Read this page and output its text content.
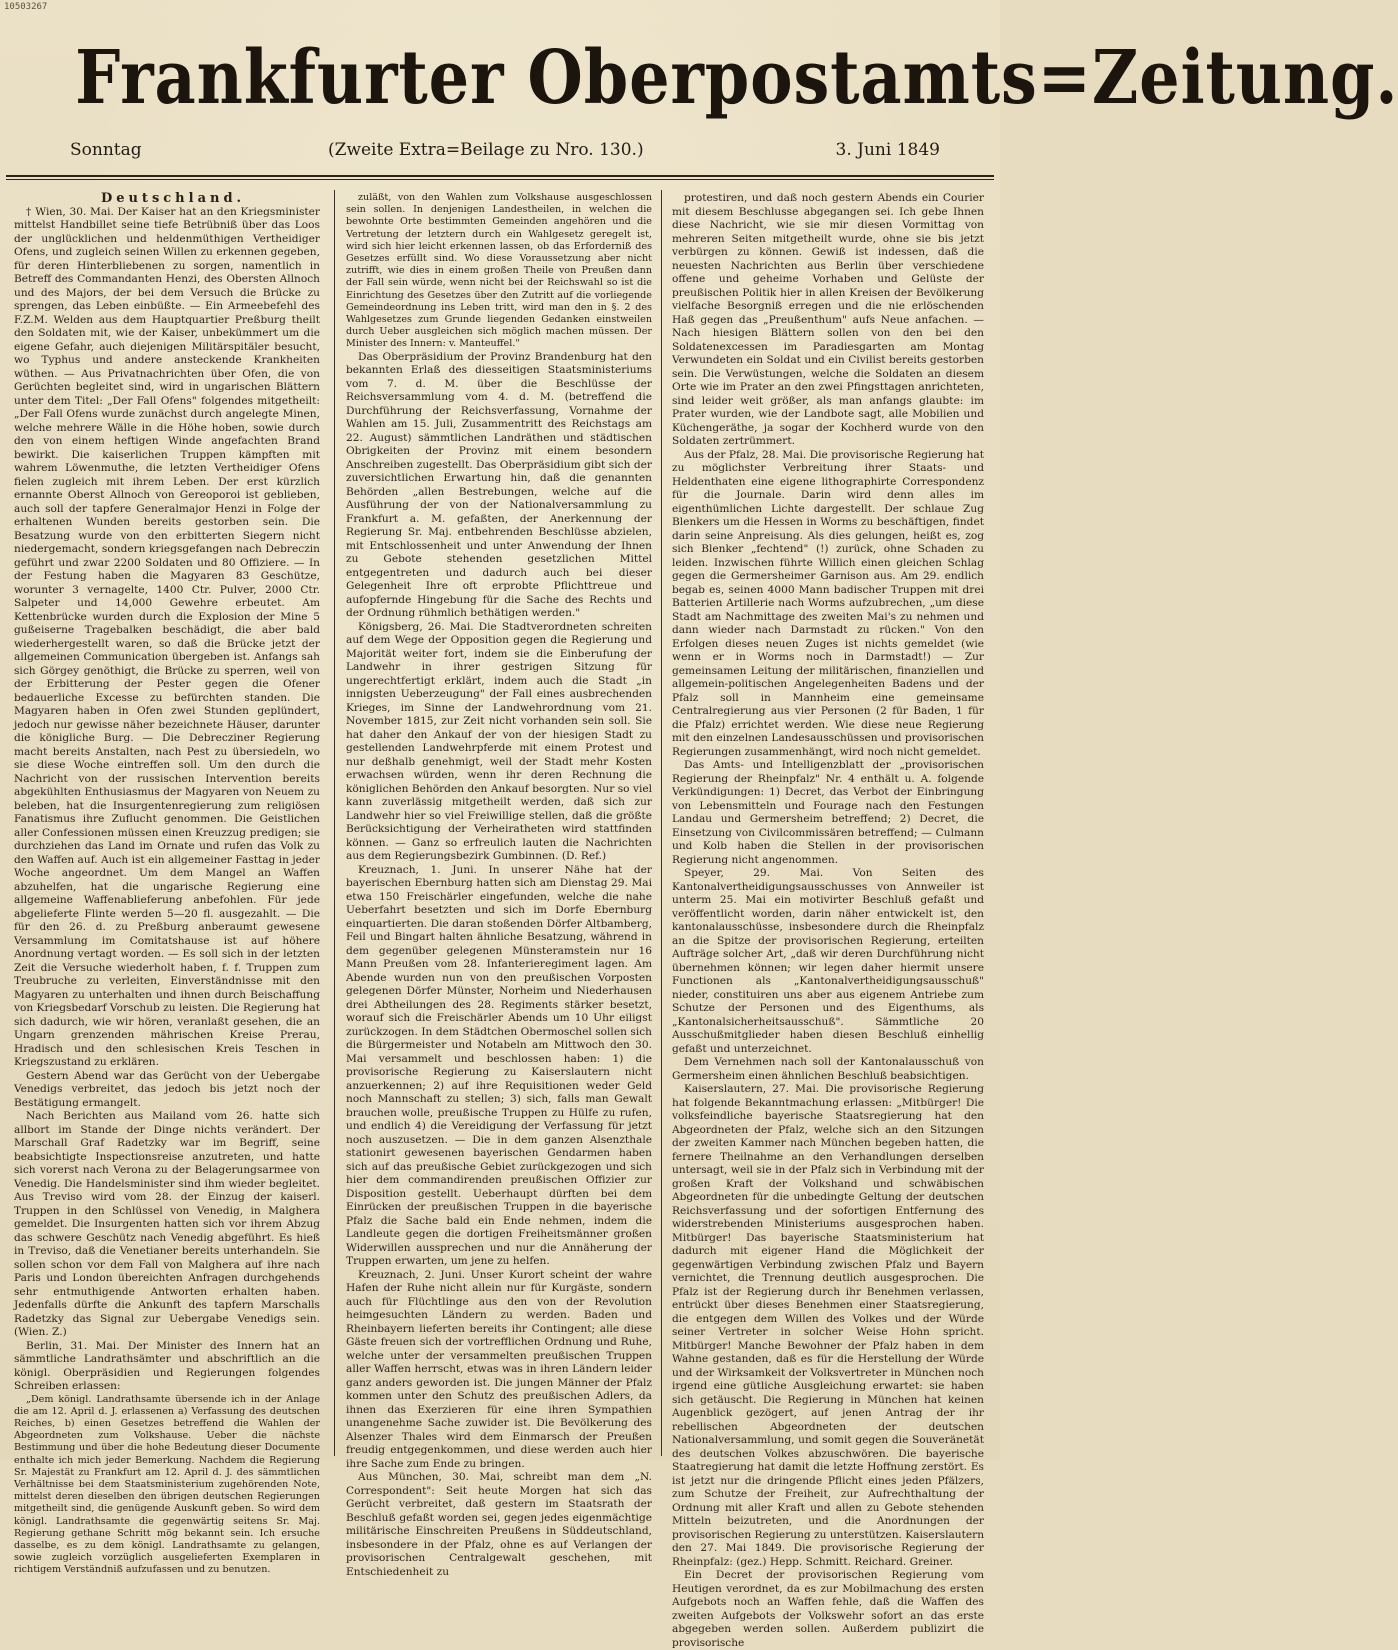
10503267
Frankfurter Oberpostamts=Zeitung.
Sonntag	(Zweite Extra=Beilage zu Nro. 130.)	3. Juni 1849

Deutschland.

† Wien, 30. Mai. Der Kaiser hat an den Kriegsminister mittelst Handbillet seine tiefe Betrübniß über das Loos der unglücklichen und heldenmüthigen Vertheidiger Ofens, und zugleich seinen Willen zu erkennen gegeben, für deren Hinterbliebenen zu sorgen, namentlich in Betreff des Commandanten Henzi, des Obersten Allnoch und des Majors, der bei dem Versuch die Brücke zu sprengen, das Leben einbüßte. — Ein Armeebefehl des F.Z.M. Welden aus dem Hauptquartier Preßburg theilt den Soldaten mit, wie der Kaiser, unbekümmert um die eigene Gefahr, auch diejenigen Militärspitäler besucht, wo Typhus und andere ansteckende Krankheiten wüthen. — Aus Privatnachrichten über Ofen, die von Gerüchten begleitet sind, wird in ungarischen Blättern unter dem Titel: „Der Fall Ofens" folgendes mitgetheilt: „Der Fall Ofens wurde zunächst durch angelegte Minen, welche mehrere Wälle in die Höhe hoben, sowie durch den von einem heftigen Winde angefachten Brand bewirkt. Die kaiserlichen Truppen kämpften mit wahrem Löwenmuthe, die letzten Vertheidiger Ofens fielen zugleich mit ihrem Leben. Der erst kürzlich ernannte Oberst Allnoch von Gereoporoi ist geblieben, auch soll der tapfere Generalmajor Henzi in Folge der erhaltenen Wunden bereits gestorben sein. Die Besatzung wurde von den erbitterten Siegern nicht niedergemacht, sondern kriegsgefangen nach Debreczin geführt und zwar 2200 Soldaten und 80 Offiziere. — In der Festung haben die Magyaren 83 Geschütze, worunter 3 vernagelte, 1400 Ctr. Pulver, 2000 Ctr. Salpeter und 14,000 Gewehre erbeutet. Am Kettenbrücke wurden durch die Explosion der Mine 5 gußeiserne Tragebalken beschädigt, die aber bald wiederhergestellt waren, so daß die Brücke jetzt der allgemeinen Communication übergeben ist. Anfangs sah sich Görgey genöthigt, die Brücke zu sperren, weil von der Erbitterung der Pester gegen die Ofener bedauerliche Excesse zu befürchten standen. Die Magyaren haben in Ofen zwei Stunden geplündert, jedoch nur gewisse näher bezeichnete Häuser, darunter die königliche Burg. — Die Debrecziner Regierung macht bereits Anstalten, nach Pest zu übersiedeln, wo sie diese Woche eintreffen soll. Um den durch die Nachricht von der russischen Intervention bereits abgekühlten Enthusiasmus der Magyaren von Neuem zu beleben, hat die Insurgentenregierung zum religiösen Fanatismus ihre Zuflucht genommen. Die Geistlichen aller Confessionen müssen einen Kreuzzug predigen; sie durchziehen das Land im Ornate und rufen das Volk zu den Waffen auf. Auch ist ein allgemeiner Fasttag in jeder Woche angeordnet. Um dem Mangel an Waffen abzuhelfen, hat die ungarische Regierung eine allgemeine Waffenablieferung anbefohlen. Für jede abgelieferte Flinte werden 5—20 fl. ausgezahlt. — Die für den 26. d. zu Preßburg anberaumt gewesene Versammlung im Comitatshause ist auf höhere Anordnung vertagt worden. — Es soll sich in der letzten Zeit die Versuche wiederholt haben, f. f. Truppen zum Treubruche zu verleiten, Einverständnisse mit den Magyaren zu unterhalten und ihnen durch Beischaffung von Kriegsbedarf Vorschub zu leisten. Die Regierung hat sich dadurch, wie wir hören, veranlaßt gesehen, die an Ungarn grenzenden mährischen Kreise Prerau, Hradisch und den schlesischen Kreis Teschen in Kriegszustand zu erklären.

Gestern Abend war das Gerücht von der Uebergabe Venedigs verbreitet, das jedoch bis jetzt noch der Bestätigung ermangelt.

Nach Berichten aus Mailand vom 26. hatte sich allbort im Stande der Dinge nichts verändert. Der Marschall Graf Radetzky war im Begriff, seine beabsichtigte Inspectionsreise anzutreten, und hatte sich vorerst nach Verona zu der Belagerungsarmee von Venedig. Die Handelsminister sind ihm wieder begleitet. Aus Treviso wird vom 28. der Einzug der kaiserl. Truppen in den Schlüssel von Venedig, in Malghera gemeldet. Die Insurgenten hatten sich vor ihrem Abzug das schwere Geschütz nach Venedig abgeführt. Es hieß in Treviso, daß die Venetianer bereits unterhandeln. Sie sollen schon vor dem Fall von Malghera auf ihre nach Paris und London übereichten Anfragen durchgehends sehr entmuthigende Antworten erhalten haben. Jedenfalls dürfte die Ankunft des tapfern Marschalls Radetzky das Signal zur Uebergabe Venedigs sein. (Wien. Z.)

Berlin, 31. Mai. Der Minister des Innern hat an sämmtliche Landrathsämter und abschriftlich an die königl. Oberpräsidien und Regierungen folgendes Schreiben erlassen:

„Dem königl. Landrathsamte übersende ich in der Anlage die am 12. April d. J. erlassenen a) Verfassung des deutschen Reiches, b) einen Gesetzes betreffend die Wahlen der Abgeordneten zum Volkshause. Ueber die nächste Bestimmung und über die hohe Bedeutung dieser Documente enthalte ich mich jeder Bemerkung. Nachdem die Regierung Sr. Majestät zu Frankfurt am 12. April d. J. des sämmtlichen Verhältnisse bei dem Staatsministerium zugehörenden Note, mittelst deren dieselben den übrigen deutschen Regierungen mitgetheilt sind, die genügende Auskunft geben. So wird dem königl. Landrathsamte die gegenwärtig seitens Sr. Maj. Regierung gethane Schritt mög bekannt sein. Ich ersuche dasselbe, es zu dem königl. Landrathsamte zu gelangen, sowie zugleich vorzüglich ausgelieferten Exemplaren in richtigem Verständniß aufzufassen und zu benutzen.

zuläßt, von den Wahlen zum Volkshause ausgeschlossen sein sollen. In denjenigen Landestheilen, in welchen die bewohnte Orte bestimmten Gemeinden angehören und die Vertretung der letztern durch ein Wahlgesetz geregelt ist, wird sich hier leicht erkennen lassen, ob das Erforderniß des Gesetzes erfüllt sind. Wo diese Voraussetzung aber nicht zutrifft, wie dies in einem großen Theile von Preußen dann der Fall sein würde, wenn nicht bei der Reichswahl so ist die Einrichtung des Gesetzes über den Zutritt auf die vorliegende Gemeindeordnung ins Leben tritt, wird man den in §. 2 des Wahlgesetzes zum Grunde liegenden Gedanken einstweilen durch Ueber ausgleichen sich möglich machen müssen. Der Minister des Innern: v. Manteuffel."

Das Oberpräsidium der Provinz Brandenburg hat den bekannten Erlaß des diesseitigen Staatsministeriums vom 7. d. M. über die Beschlüsse der Reichsversammlung vom 4. d. M. (betreffend die Durchführung der Reichsverfassung, Vornahme der Wahlen am 15. Juli, Zusammentritt des Reichstags am 22. August) sämmtlichen Landräthen und städtischen Obrigkeiten der Provinz mit einem besondern Anschreiben zugestellt. Das Oberpräsidium gibt sich der zuversichtlichen Erwartung hin, daß die genannten Behörden „allen Bestrebungen, welche auf die Ausführung der von der Nationalversammlung zu Frankfurt a. M. gefaßten, der Anerkennung der Regierung Sr. Maj. entbehrenden Beschlüsse abzielen, mit Entschlossenheit und unter Anwendung der Ihnen zu Gebote stehenden gesetzlichen Mittel entgegentreten und dadurch auch bei dieser Gelegenheit Ihre oft erprobte Pflichttreue und aufopfernde Hingebung für die Sache des Rechts und der Ordnung rühmlich bethätigen werden."

Königsberg, 26. Mai. Die Stadtverordneten schreiten auf dem Wege der Opposition gegen die Regierung und Majorität weiter fort, indem sie die Einberufung der Landwehr in ihrer gestrigen Sitzung für ungerechtfertigt erklärt, indem auch die Stadt „in innigsten Ueberzeugung" der Fall eines ausbrechenden Krieges, im Sinne der Landwehrordnung vom 21. November 1815, zur Zeit nicht vorhanden sein soll. Sie hat daher den Ankauf der von der hiesigen Stadt zu gestellenden Landwehrpferde mit einem Protest und nur deßhalb genehmigt, weil der Stadt mehr Kosten erwachsen würden, wenn ihr deren Rechnung die königlichen Behörden den Ankauf besorgten. Nur so viel kann zuverlässig mitgetheilt werden, daß sich zur Landwehr hier so viel Freiwillige stellen, daß die größte Berücksichtigung der Verheiratheten wird stattfinden können. — Ganz so erfreulich lauten die Nachrichten aus dem Regierungsbezirk Gumbinnen. (D. Ref.)

Kreuznach, 1. Juni. In unserer Nähe hat der bayerischen Ebernburg hatten sich am Dienstag 29. Mai etwa 150 Freischärler eingefunden, welche die nahe Ueberfahrt besetzten und sich im Dorfe Ebernburg einquartierten. Die daran stoßenden Dörfer Altbamberg, Feil und Bingart halten ähnliche Besatzung, während in dem gegenüber gelegenen Münsteramstein nur 16 Mann Preußen vom 28. Infanterieregiment lagen. Am Abende wurden nun von den preußischen Vorposten gelegenen Dörfer Münster, Norheim und Niederhausen drei Abtheilungen des 28. Regiments stärker besetzt, worauf sich die Freischärler Abends um 10 Uhr eiligst zurückzogen. In dem Städtchen Obermoschel sollen sich die Bürgermeister und Notabeln am Mittwoch den 30. Mai versammelt und beschlossen haben: 1) die provisorische Regierung zu Kaiserslautern nicht anzuerkennen; 2) auf ihre Requisitionen weder Geld noch Mannschaft zu stellen; 3) sich, falls man Gewalt brauchen wolle, preußische Truppen zu Hülfe zu rufen, und endlich 4) die Vereidigung der Verfassung für jetzt noch auszusetzen. — Die in dem ganzen Alsenzthale stationirt gewesenen bayerischen Gendarmen haben sich auf das preußische Gebiet zurückgezogen und sich hier dem commandirenden preußischen Offizier zur Disposition gestellt. Ueberhaupt dürften bei dem Einrücken der preußischen Truppen in die bayerische Pfalz die Sache bald ein Ende nehmen, indem die Landleute gegen die dortigen Freiheitsmänner großen Widerwillen aussprechen und nur die Annäherung der Truppen erwarten, um jene zu helfen.

Kreuznach, 2. Juni. Unser Kurort scheint der wahre Hafen der Ruhe nicht allein nur für Kurgäste, sondern auch für Flüchtlinge aus den von der Revolution heimgesuchten Ländern zu werden. Baden und Rheinbayern lieferten bereits ihr Contingent; alle diese Gäste freuen sich der vortrefflichen Ordnung und Ruhe, welche unter der versammelten preußischen Truppen aller Waffen herrscht, etwas was in ihren Ländern leider ganz anders geworden ist. Die jungen Männer der Pfalz kommen unter den Schutz des preußischen Adlers, da ihnen das Exerzieren für eine ihren Sympathien unangenehme Sache zuwider ist. Die Bevölkerung des Alsenzer Thales wird dem Einmarsch der Preußen freudig entgegenkommen, und diese werden auch hier ihre Sache zum Ende zu bringen.

Aus München, 30. Mai, schreibt man dem „N. Correspondent": Seit heute Morgen hat sich das Gerücht verbreitet, daß gestern im Staatsrath der Beschluß gefaßt worden sei, gegen jedes eigenmächtige militärische Einschreiten Preußens in Süddeutschland, insbesondere in der Pfalz, ohne es auf Verlangen der provisorischen Centralgewalt geschehen, mit Entschiedenheit zu

protestiren, und daß noch gestern Abends ein Courier mit diesem Beschlusse abgegangen sei. Ich gebe Ihnen diese Nachricht, wie sie mir diesen Vormittag von mehreren Seiten mitgetheilt wurde, ohne sie bis jetzt verbürgen zu können. Gewiß ist indessen, daß die neuesten Nachrichten aus Berlin über verschiedene offene und geheime Vorhaben und Gelüste der preußischen Politik hier in allen Kreisen der Bevölkerung vielfache Besorgniß erregen und die nie erlöschenden Haß gegen das „Preußenthum" aufs Neue anfachen. — Nach hiesigen Blättern sollen von den bei den Soldatenexcessen im Paradiesgarten am Montag Verwundeten ein Soldat und ein Civilist bereits gestorben sein. Die Verwüstungen, welche die Soldaten an diesem Orte wie im Prater an den zwei Pfingsttagen anrichteten, sind leider weit größer, als man anfangs glaubte: im Prater wurden, wie der Landbote sagt, alle Mobilien und Küchengeräthe, ja sogar der Kochherd wurde von den Soldaten zertrümmert.

Aus der Pfalz, 28. Mai. Die provisorische Regierung hat zu möglichster Verbreitung ihrer Staats- und Heldenthaten eine eigene lithographirte Correspondenz für die Journale. Darin wird denn alles im eigenthümlichen Lichte dargestellt. Der schlaue Zug Blenkers um die Hessen in Worms zu beschäftigen, findet darin seine Anpreisung. Als dies gelungen, heißt es, zog sich Blenker „fechtend" (!) zurück, ohne Schaden zu leiden. Inzwischen führte Willich einen gleichen Schlag gegen die Germersheimer Garnison aus. Am 29. endlich begab es, seinen 4000 Mann badischer Truppen mit drei Batterien Artillerie nach Worms aufzubrechen, „um diese Stadt am Nachmittage des zweiten Mai's zu nehmen und dann wieder nach Darmstadt zu rücken." Von den Erfolgen dieses neuen Zuges ist nichts gemeldet (wie wenn er in Worms noch in Darmstadt!) — Zur gemeinsamen Leitung der militärischen, finanziellen und allgemein-politischen Angelegenheiten Badens und der Pfalz soll in Mannheim eine gemeinsame Centralregierung aus vier Personen (2 für Baden, 1 für die Pfalz) errichtet werden. Wie diese neue Regierung mit den einzelnen Landesausschüssen und provisorischen Regierungen zusammenhängt, wird noch nicht gemeldet.

Das Amts- und Intelligenzblatt der „provisorischen Regierung der Rheinpfalz" Nr. 4 enthält u. A. folgende Verkündigungen: 1) Decret, das Verbot der Einbringung von Lebensmitteln und Fourage nach den Festungen Landau und Germersheim betreffend; 2) Decret, die Einsetzung von Civilcommissären betreffend; — Culmann und Kolb haben die Stellen in der provisorischen Regierung nicht angenommen.

Speyer, 29. Mai. Von Seiten des Kantonalvertheidigungsausschusses von Annweiler ist unterm 25. Mai ein motivirter Beschluß gefaßt und veröffentlicht worden, darin näher entwickelt ist, den kantonalausschüsse, insbesondere durch die Rheinpfalz an die Spitze der provisorischen Regierung, erteilten Aufträge solcher Art, „daß wir deren Durchführung nicht übernehmen können; wir legen daher hiermit unsere Functionen als „Kantonalvertheidigungsausschuß" nieder, constituiren uns aber aus eigenem Antriebe zum Schutze der Personen und des Eigenthums, als „Kantonalsicherheitsausschuß". Sämmtliche 20 Ausschußmitglieder haben diesen Beschluß einhellig gefaßt und unterzeichnet.

Dem Vernehmen nach soll der Kantonalausschuß von Germersheim einen ähnlichen Beschluß beabsichtigen.

Kaiserslautern, 27. Mai. Die provisorische Regierung hat folgende Bekanntmachung erlassen: „Mitbürger! Die volksfeindliche bayerische Staatsregierung hat den Abgeordneten der Pfalz, welche sich an den Sitzungen der zweiten Kammer nach München begeben hatten, die fernere Theilnahme an den Verhandlungen derselben untersagt, weil sie in der Pfalz sich in Verbindung mit der großen Kraft der Volkshand und schwäbischen Abgeordneten für die unbedingte Geltung der deutschen Reichsverfassung und der sofortigen Entfernung des widerstrebenden Ministeriums ausgesprochen haben. Mitbürger! Das bayerische Staatsministerium hat dadurch mit eigener Hand die Möglichkeit der gegenwärtigen Verbindung zwischen Pfalz und Bayern vernichtet, die Trennung deutlich ausgesprochen. Die Pfalz ist der Regierung durch ihr Benehmen verlassen, entrückt über dieses Benehmen einer Staatsregierung, die entgegen dem Willen des Volkes und der Würde seiner Vertreter in solcher Weise Hohn spricht. Mitbürger! Manche Bewohner der Pfalz haben in dem Wahne gestanden, daß es für die Herstellung der Würde und der Wirksamkeit der Volksvertreter in München noch irgend eine gütliche Ausgleichung erwartet: sie haben sich getäuscht. Die Regierung in München hat keinen Augenblick gezögert, auf jenen Antrag der ihr rebellischen Abgeordneten der deutschen Nationalversammlung, und somit gegen die Souveränetät des deutschen Volkes abzuschwören. Die bayerische Staatregierung hat damit die letzte Hoffnung zerstört. Es ist jetzt nur die dringende Pflicht eines jeden Pfälzers, zum Schutze der Freiheit, zur Aufrechthaltung der Ordnung mit aller Kraft und allen zu Gebote stehenden Mitteln beizutreten, und die Anordnungen der provisorischen Regierung zu unterstützen. Kaiserslautern den 27. Mai 1849. Die provisorische Regierung der Rheinpfalz: (gez.) Hepp. Schmitt. Reichard. Greiner.

Ein Decret der provisorischen Regierung vom Heutigen verordnet, da es zur Mobilmachung des ersten Aufgebots noch an Waffen fehle, daß die Waffen des zweiten Aufgebots der Volkswehr sofort an das erste abgegeben werden sollen. Außerdem publizirt die provisorische
